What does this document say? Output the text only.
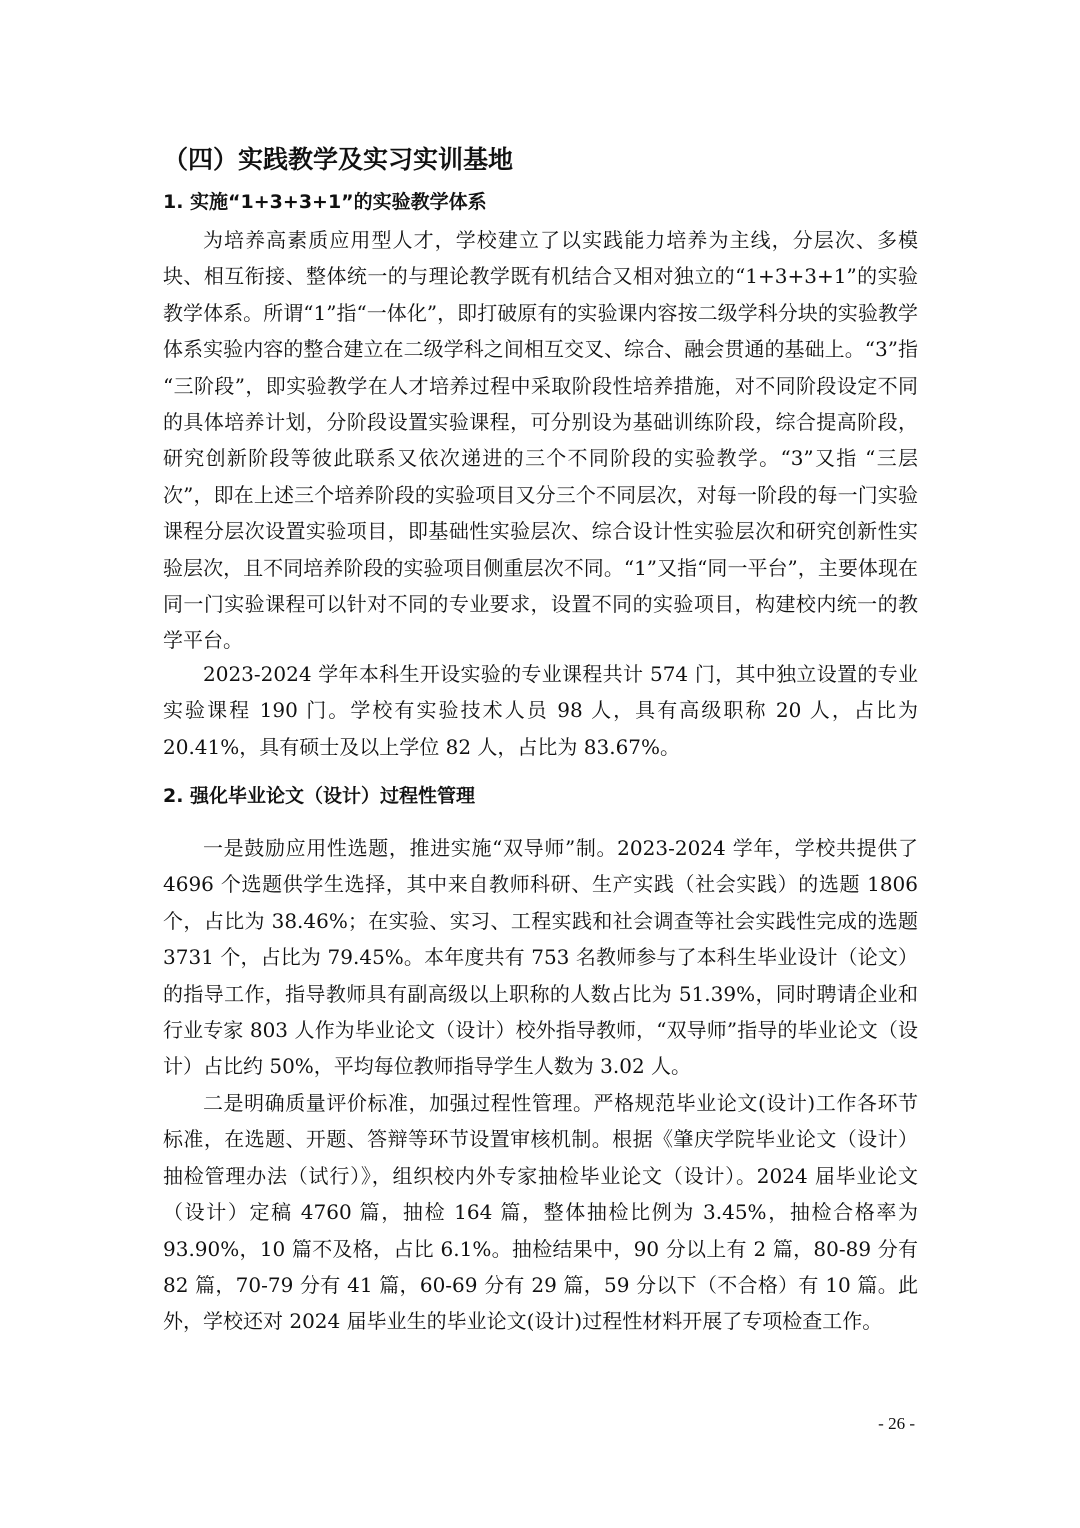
（四）实践教学及实习实训基地
1. 实施“1+3+3+1”的实验教学体系

为培养高素质应用型人才，学校建立了以实践能力培养为主线，分层次、多模块、相互衔接、整体统一的与理论教学既有机结合又相对独立的“1+3+3+1”的实验教学体系。所谓“1”指“一体化”，即打破原有的实验课内容按二级学科分块的实验教学体系实验内容的整合建立在二级学科之间相互交叉、综合、融会贯通的基础上。“3”指 “三阶段”，即实验教学在人才培养过程中采取阶段性培养措施，对不同阶段设定不同的具体培养计划，分阶段设置实验课程，可分别设为基础训练阶段，综合提高阶段，研究创新阶段等彼此联系又依次递进的三个不同阶段的实验教学。“3”又指 “三层次”，即在上述三个培养阶段的实验项目又分三个不同层次，对每一阶段的每一门实验课程分层次设置实验项目，即基础性实验层次、综合设计性实验层次和研究创新性实验层次，且不同培养阶段的实验项目侧重层次不同。“1”又指“同一平台”，主要体现在同一门实验课程可以针对不同的专业要求，设置不同的实验项目，构建校内统一的教学平台。

2023-2024 学年本科生开设实验的专业课程共计 574 门，其中独立设置的专业实验课程 190 门。学校有实验技术人员 98 人，具有高级职称 20 人，占比为 20.41%，具有硕士及以上学位 82 人，占比为 83.67%。

2. 强化毕业论文（设计）过程性管理

一是鼓励应用性选题，推进实施“双导师”制。2023-2024 学年，学校共提供了 4696 个选题供学生选择，其中来自教师科研、生产实践（社会实践）的选题 1806 个，占比为 38.46%；在实验、实习、工程实践和社会调查等社会实践性完成的选题 3731 个，占比为 79.45%。本年度共有 753 名教师参与了本科生毕业设计（论文）的指导工作，指导教师具有副高级以上职称的人数占比为 51.39%，同时聘请企业和行业专家 803 人作为毕业论文（设计）校外指导教师，“双导师”指导的毕业论文（设计）占比约 50%，平均每位教师指导学生人数为 3.02 人。

二是明确质量评价标准，加强过程性管理。严格规范毕业论文(设计)工作各环节标准，在选题、开题、答辩等环节设置审核机制。根据《肇庆学院毕业论文（设计）抽检管理办法（试行）》，组织校内外专家抽检毕业论文（设计）。2024 届毕业论文（设计）定稿 4760 篇，抽检 164 篇，整体抽检比例为 3.45%，抽检合格率为 93.90%，10 篇不及格，占比 6.1%。抽检结果中，90 分以上有 2 篇，80-89 分有 82 篇，70-79 分有 41 篇，60-69 分有 29 篇，59 分以下（不合格）有 10 篇。此外，学校还对 2024 届毕业生的毕业论文(设计)过程性材料开展了专项检查工作。

- 26 -
